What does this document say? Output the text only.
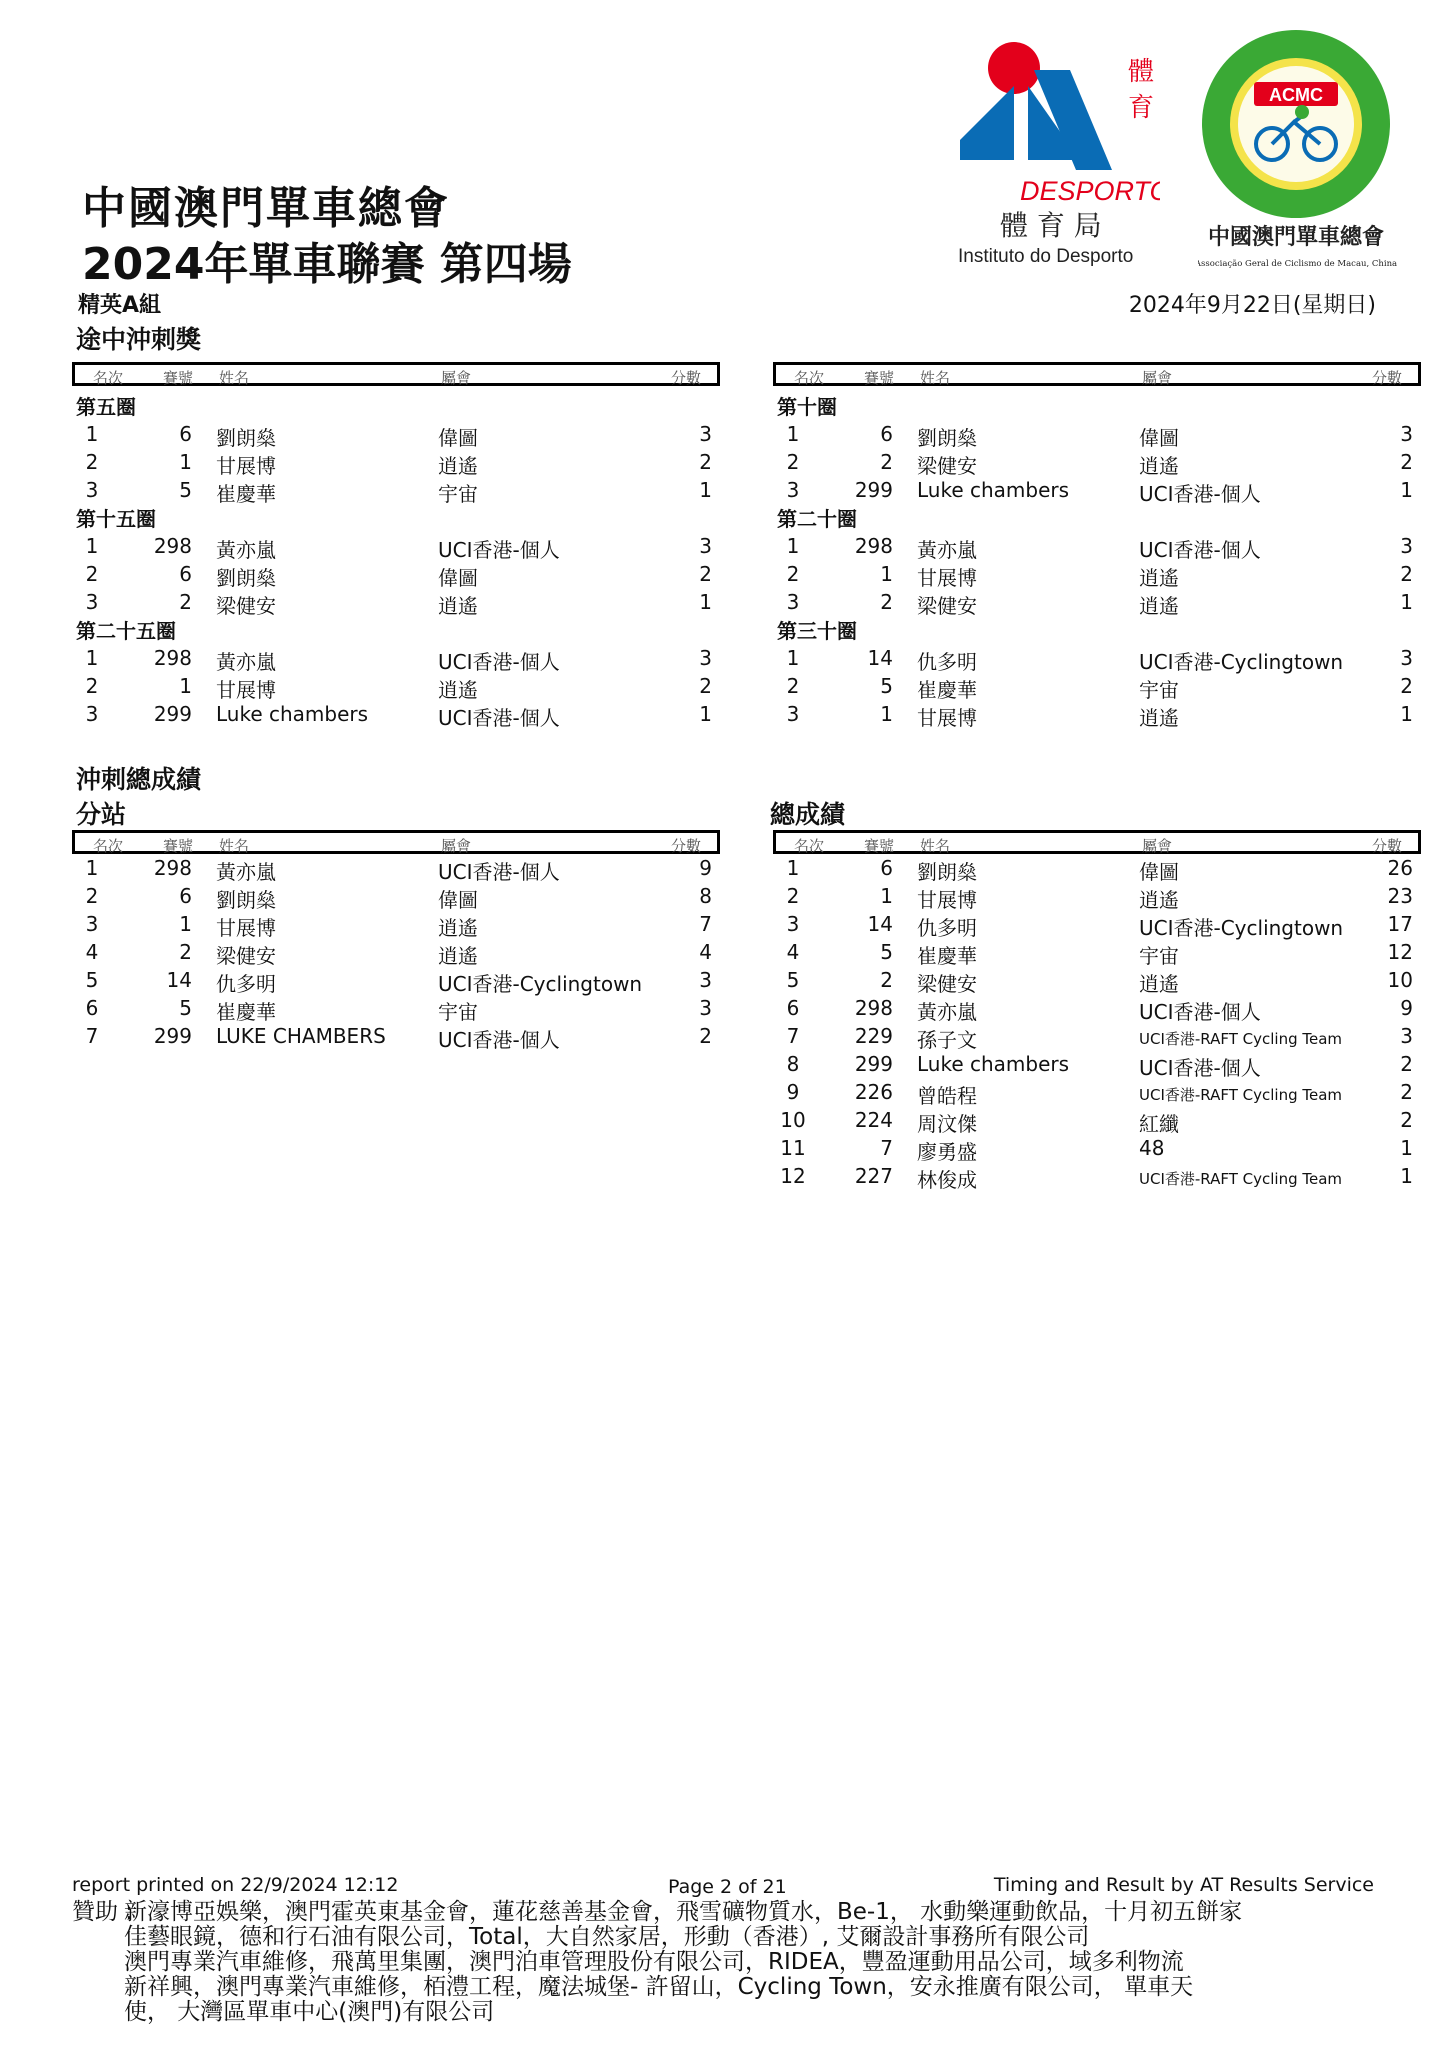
中國澳門單車總會
2024年單車聯賽 第四場
精英A組
途中沖刺獎
2024年9月22日(星期日)
體
育
DESPORTO
體 育 局
Instituto do Desporto
ACMC
中國澳門單車總會
Associação Geral de Ciclismo de Macau, China
名次	賽號 姓名	屬會	分數
第五圈
1	6 劉朗燊	偉圖	3
2	1 甘展博	逍遙	2
3	5 崔慶華	宇宙	1
第十五圈
1	298 黃亦嵐	UCI香港-個人	3
2	6 劉朗燊	偉圖	2
3	2 梁健安	逍遙	1
第二十五圈
1	298 黃亦嵐	UCI香港-個人	3
2	1 甘展博	逍遙	2
3	299 Luke chambers	UCI香港-個人	1
名次	賽號 姓名	屬會	分數
第十圈
1	6 劉朗燊	偉圖	3
2	2 梁健安	逍遙	2
3	299 Luke chambers	UCI香港-個人	1
第二十圈
1	298 黃亦嵐	UCI香港-個人	3
2	1 甘展博	逍遙	2
3	2 梁健安	逍遙	1
第三十圈
1	14 仇多明	UCI香港-Cyclingtown	3
2	5 崔慶華	宇宙	2
3	1 甘展博	逍遙	1
沖刺總成績
分站	總成績
名次	賽號 姓名	屬會	分數
1	298 黃亦嵐	UCI香港-個人	9
2	6 劉朗燊	偉圖	8
3	1 甘展博	逍遙	7
4	2 梁健安	逍遙	4
5	14 仇多明	UCI香港-Cyclingtown	3
6	5 崔慶華	宇宙	3
7	299 LUKE CHAMBERS	UCI香港-個人	2
名次	賽號 姓名	屬會	分數
1	6 劉朗燊	偉圖	26
2	1 甘展博	逍遙	23
3	14 仇多明	UCI香港-Cyclingtown 17
4	5 崔慶華	宇宙	12
5	2 梁健安	逍遙	10
6	298 黃亦嵐	UCI香港-個人	9
7	229 孫子文	UCI香港-RAFT Cycling Team	3
8	299 Luke chambers	UCI香港-個人	2
9	226 曾皓程	UCI香港-RAFT Cycling Team	2
10	224 周汶傑	紅纖	2
11	7 廖勇盛	48	1
12	227 林俊成	UCI香港-RAFT Cycling Team	1
report printed on 22/9/2024 12:12	Page 2 of 21	Timing and Result by AT Results Service
贊助 :
新濠博亞娛樂，澳門霍英東基金會，蓮花慈善基金會，飛雪礦物質水，Be-1， 水動樂運動飲品，十月初五餅家
佳藝眼鏡，德和行石油有限公司，Total，大自然家居，形動（香港）, 艾爾設計事務所有限公司
澳門專業汽車維修，飛萬里集團，澳門泊車管理股份有限公司，RIDEA，豐盈運動用品公司，域多利物流
新祥興，澳門專業汽車維修，栢澧工程，魔法城堡- 許留山，Cycling Town，安永推廣有限公司， 單車天
使， 大灣區單車中心(澳門)有限公司
